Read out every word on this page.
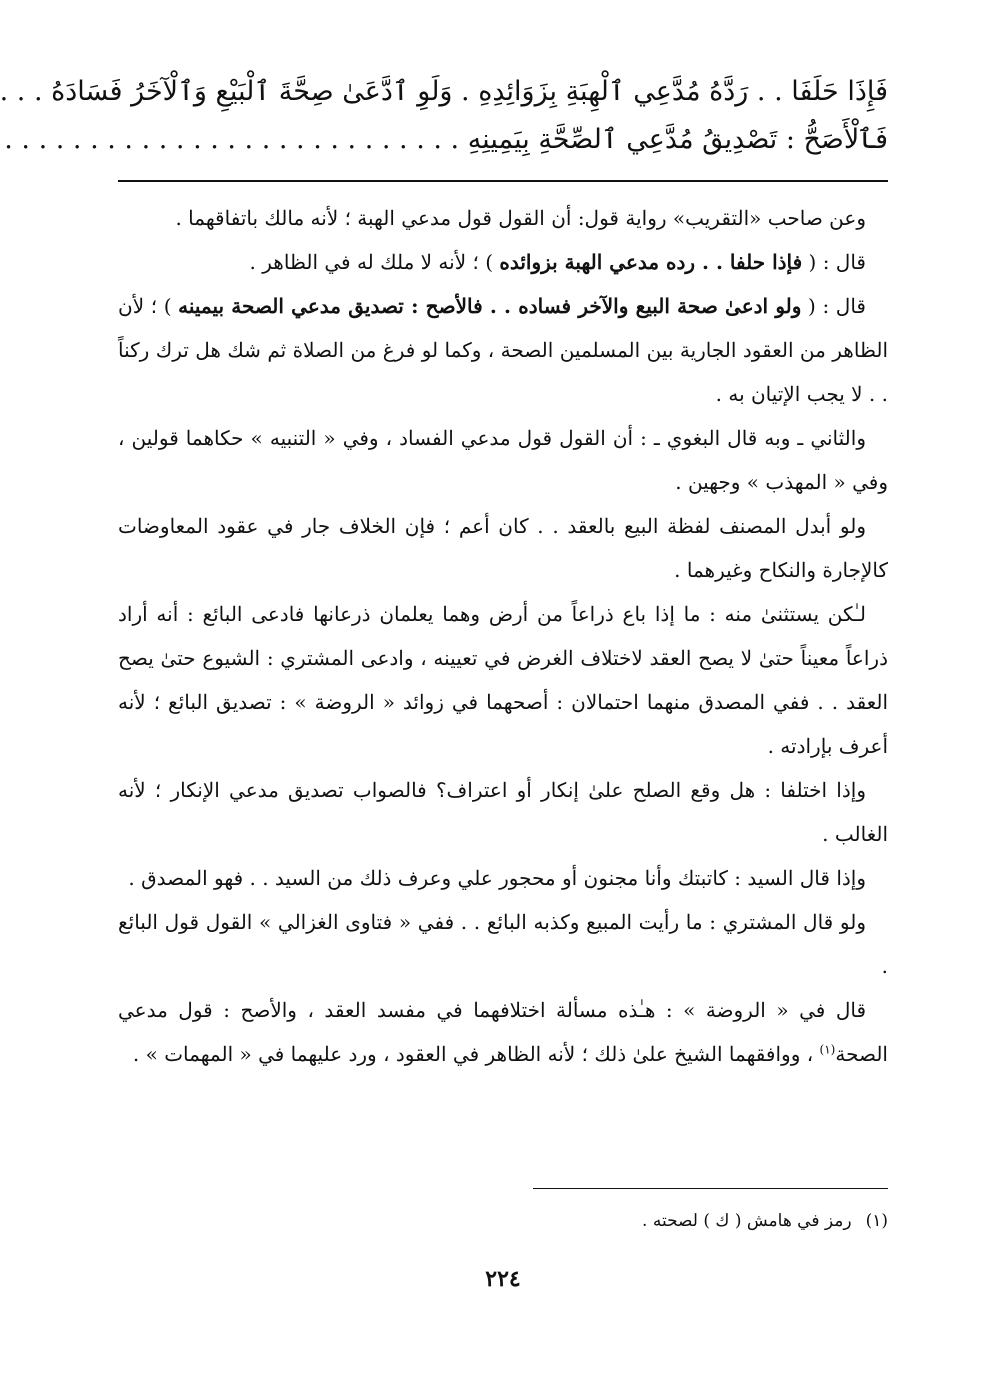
فَإِذَا حَلَفَا . . رَدَّهُ مُدَّعِي ٱلْهِبَةِ بِزَوَائِدِهِ . وَلَوِ ٱدَّعَىٰ صِحَّةَ ٱلْبَيْعِ وَٱلْآخَرُ فَسَادَهُ . . .
فَٱلْأَصَحُّ : تَصْدِيقُ مُدَّعِي ٱلصِّحَّةِ بِيَمِينِهِ . . . . . . . . . . . . . . . . . . . . . . . . . . .

وعن صاحب «التقريب» رواية قول: أن القول قول مدعي الهبة ؛ لأنه مالك باتفاقهما .

قال : ( فإذا حلفا . . رده مدعي الهبة بزوائده ) ؛ لأنه لا ملك له في الظاهر .

قال : ( ولو ادعىٰ صحة البيع والآخر فساده . . فالأصح : تصديق مدعي الصحة بيمينه ) ؛ لأن الظاهر من العقود الجارية بين المسلمين الصحة ، وكما لو فرغ من الصلاة ثم شك هل ترك ركناً . . لا يجب الإتيان به .

والثاني ـ وبه قال البغوي ـ : أن القول قول مدعي الفساد ، وفي « التنبيه » حكاهما قولين ، وفي « المهذب » وجهين .

ولو أبدل المصنف لفظة البيع بالعقد . . كان أعم ؛ فإن الخلاف جار في عقود المعاوضات كالإجارة والنكاح وغيرهما .

لـٰكن يستثنىٰ منه : ما إذا باع ذراعاً من أرض وهما يعلمان ذرعانها فادعى البائع : أنه أراد ذراعاً معيناً حتىٰ لا يصح العقد لاختلاف الغرض في تعيينه ، وادعى المشتري : الشيوع حتىٰ يصح العقد . . ففي المصدق منهما احتمالان : أصحهما في زوائد « الروضة » : تصديق البائع ؛ لأنه أعرف بإرادته .

وإذا اختلفا : هل وقع الصلح علىٰ إنكار أو اعتراف؟ فالصواب تصديق مدعي الإنكار ؛ لأنه الغالب .

وإذا قال السيد : كاتبتك وأنا مجنون أو محجور علي وعرف ذلك من السيد . . فهو المصدق .

ولو قال المشتري : ما رأيت المبيع وكذبه البائع . . ففي « فتاوى الغزالي » القول قول البائع .

قال في « الروضة » : هـٰذه مسألة اختلافهما في مفسد العقد ، والأصح : قول مدعي الصحة$^{(١)}$ ، ووافقهما الشيخ علىٰ ذلك ؛ لأنه الظاهر في العقود ، ورد عليهما في « المهمات » .

(١)رمز في هامش ( ك ) لصحته .
٢٢٤
